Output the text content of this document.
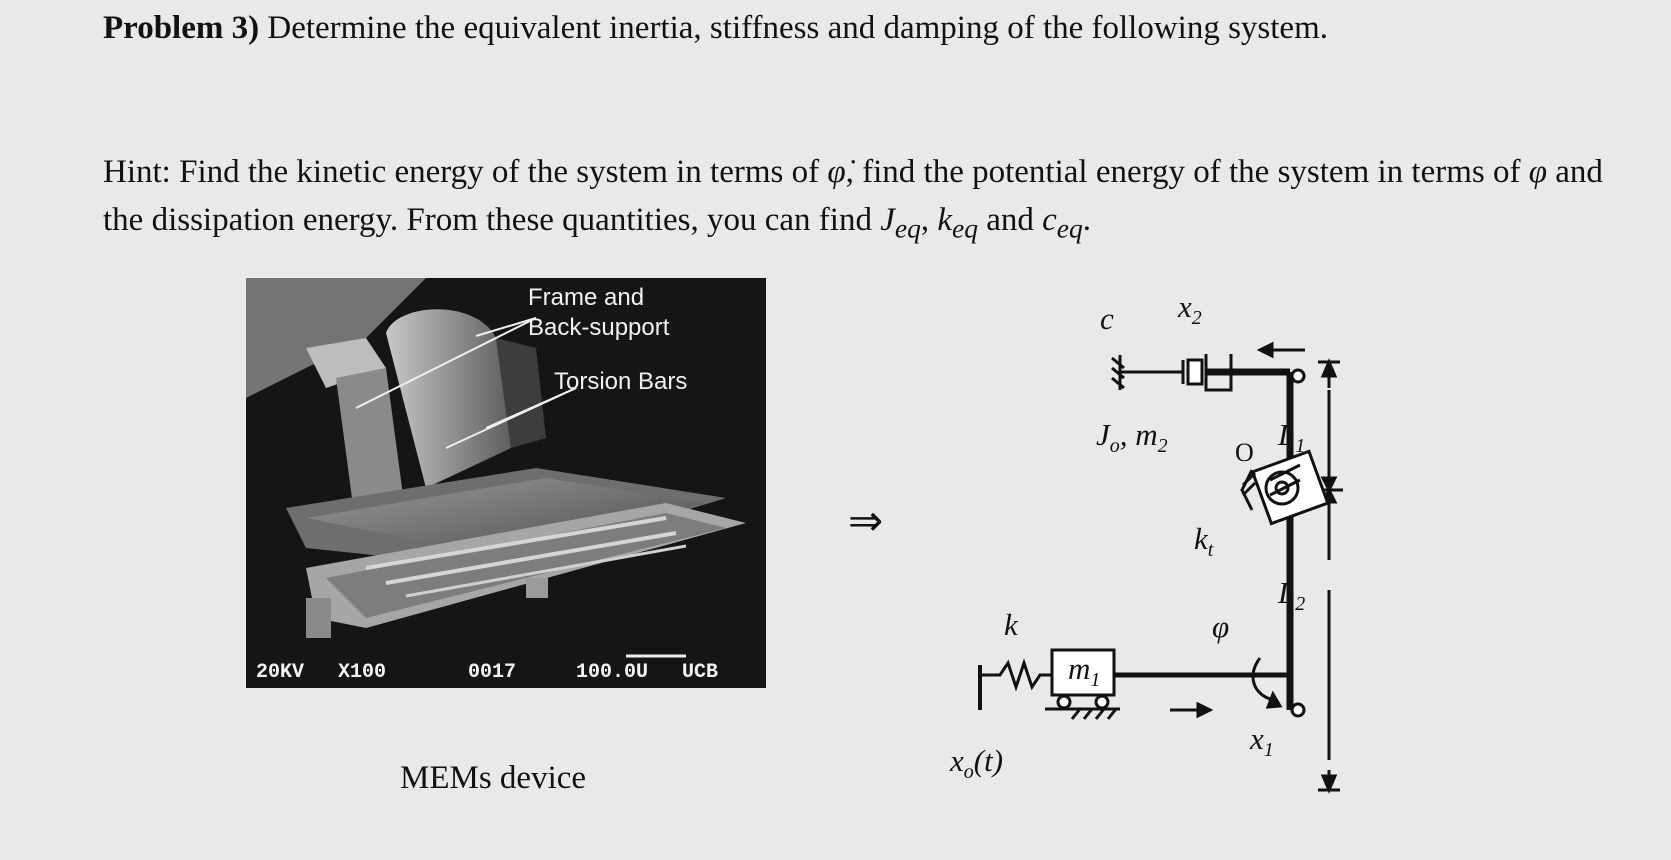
Problem 3) Determine the equivalent inertia, stiffness and damping of the following system.

Hint: Find the kinetic energy of the system in terms of φ̇, find the potential energy of the system in terms of φ and the dissipation energy. From these quantities, you can find $J_{eq}$, $k_{eq}$ and $c_{eq}$.
Frame and
Back-support
Torsion Bars
20KV X100	0017	100.0U UCB
MEMs device
⇒
c $x_2$
$J_o$, $m_2$	O
$L_1$
$k_t$
$L_2$
k	φ
$m_1$
$x_1$
$x_o(t)$
